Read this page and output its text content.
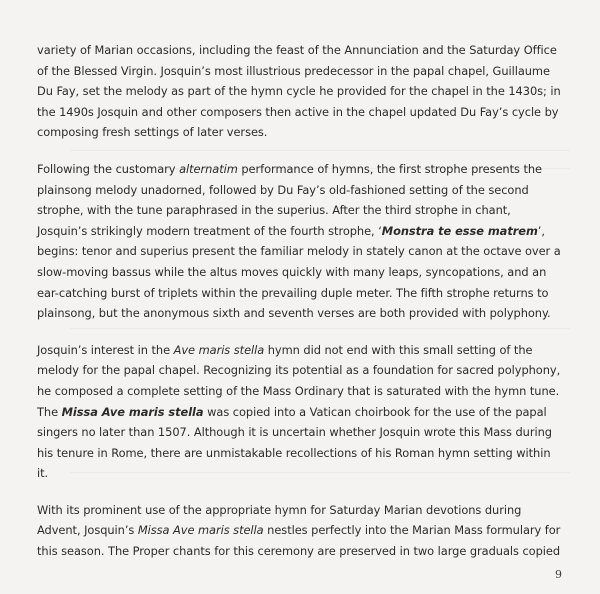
variety of Marian occasions, including the feast of the Annunciation and the Saturday Office of the Blessed Virgin. Josquin’s most illustrious predecessor in the papal chapel, Guillaume Du Fay, set the melody as part of the hymn cycle he provided for the chapel in the 1430s; in the 1490s Josquin and other composers then active in the chapel updated Du Fay’s cycle by composing fresh settings of later verses.

Following the customary alternatim performance of hymns, the first strophe presents the plainsong melody unadorned, followed by Du Fay’s old-fashioned setting of the second strophe, with the tune paraphrased in the superius. After the third strophe in chant, Josquin’s strikingly modern treatment of the fourth strophe, ‘Monstra te esse matrem’, begins: tenor and superius present the familiar melody in stately canon at the octave over a slow-moving bassus while the altus moves quickly with many leaps, syncopations, and an ear-catching burst of triplets within the prevailing duple meter. The fifth strophe returns to plainsong, but the anonymous sixth and seventh verses are both provided with polyphony.

Josquin’s interest in the Ave maris stella hymn did not end with this small setting of the melody for the papal chapel. Recognizing its potential as a foundation for sacred polyphony, he composed a complete setting of the Mass Ordinary that is saturated with the hymn tune. The Missa Ave maris stella was copied into a Vatican choirbook for the use of the papal singers no later than 1507. Although it is uncertain whether Josquin wrote this Mass during his tenure in Rome, there are unmistakable recollections of his Roman hymn setting within it.

With its prominent use of the appropriate hymn for Saturday Marian devotions during Advent, Josquin’s Missa Ave maris stella nestles perfectly into the Marian Mass formulary for this season. The Proper chants for this ceremony are preserved in two large graduals copied

9
